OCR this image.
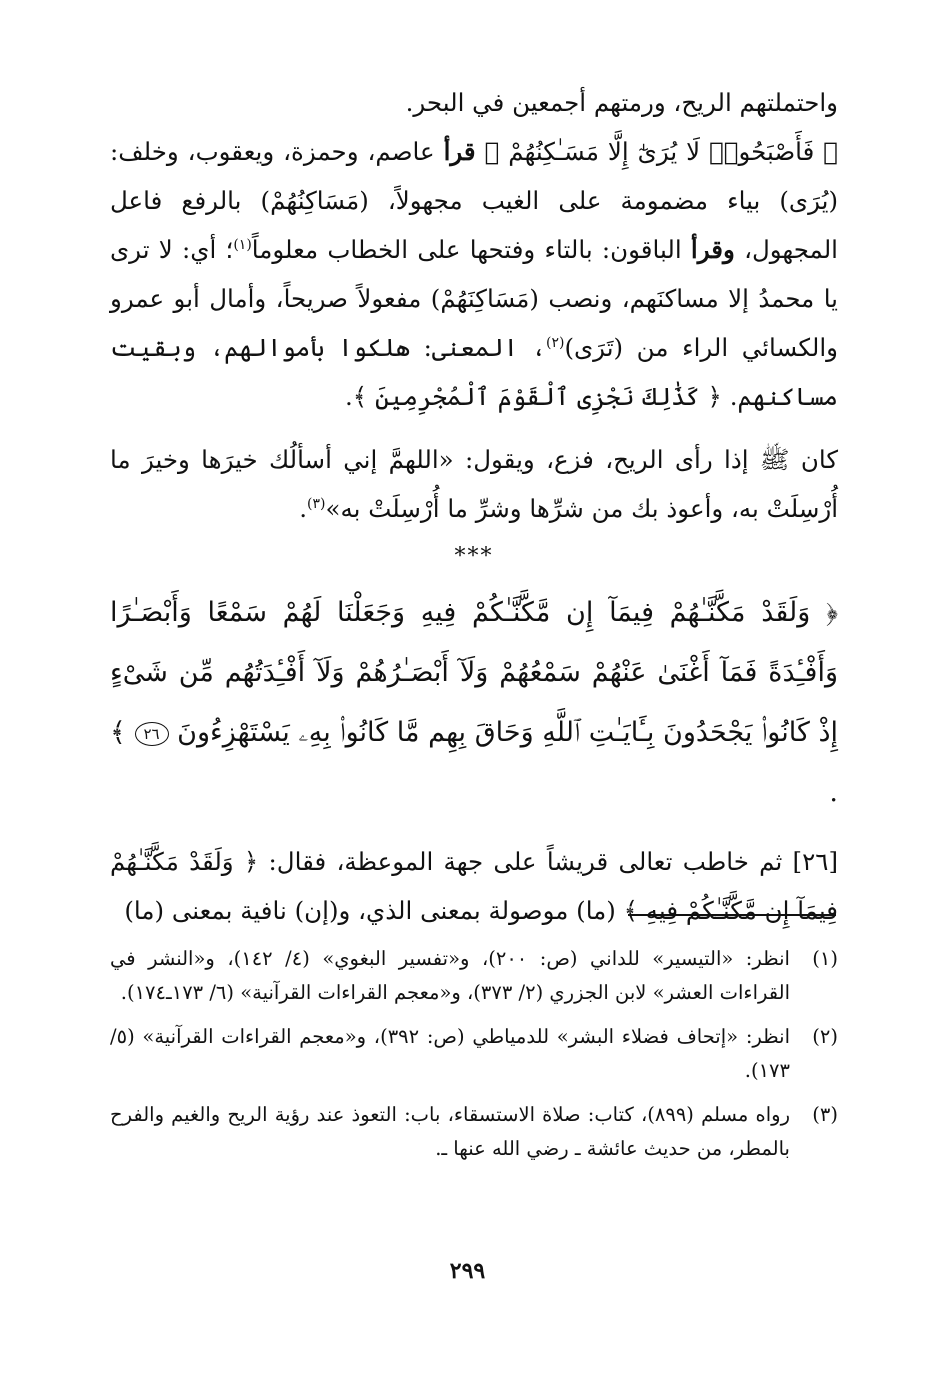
واحتملتهم الريح، ورمتهم أجمعين في البحر.

﴿ فَأَصْبَحُوا۟ لَا يُرَىٰٓ إِلَّا مَسَـٰكِنُهُمْ ﴾ قرأ عاصم، وحمزة، ويعقوب، وخلف: (يُرَى) بياء مضمومة على الغيب مجهولاً، (مَسَاكِنُهُمْ) بالرفع فاعل المجهول، وقرأ الباقون: بالتاء وفتحها على الخطاب معلوماً$^{(١)}$؛ أي: لا ترى يا محمدُ إلا مساكنَهم، ونصب (مَسَاكِنَهُمْ) مفعولاً صريحاً، وأمال أبو عمرو والكسائي الراء من (تَرَى)$^{(٢)}$، المعنى: هلكوا بأموالهم، وبقيت مساكنهم. ﴿ كَذَٰلِكَ نَجْزِى ٱلْقَوْمَ ٱلْمُجْرِمِينَ ﴾.

كان ﷺ إذا رأى الريح، فزع، ويقول: «اللهمَّ إني أسألُك خيرَها وخيرَ ما أُرْسِلَتْ به، وأعوذ بك من شرِّها وشرِّ ما أُرْسِلَتْ به»$^{(٣)}$.

***

﴿ وَلَقَدْ مَكَّنَّـٰهُمْ فِيمَآ إِن مَّكَّنَّـٰكُمْ فِيهِ وَجَعَلْنَا لَهُمْ سَمْعًا وَأَبْصَـٰرًا وَأَفْـِٔدَةً فَمَآ أَغْنَىٰ عَنْهُمْ سَمْعُهُمْ وَلَآ أَبْصَـٰرُهُمْ وَلَآ أَفْـِٔدَتُهُم مِّن شَىْءٍ إِذْ كَانُوا۟ يَجْحَدُونَ بِـَٔايَـٰتِ ٱللَّهِ وَحَاقَ بِهِم مَّا كَانُوا۟ بِهِۦ يَسْتَهْزِءُونَ ٢٦ ﴾ .

[٢٦] ثم خاطب تعالى قريشاً على جهة الموعظة، فقال: ﴿ وَلَقَدْ مَكَّنَّـٰهُمْ فِيمَآ إِن مَّكَّنَّـٰكُمْ فِيهِ ﴾ (ما) موصولة بمعنى الذي، و(إن) نافية بمعنى (ما)

(١)
انظر: «التيسير» للداني (ص: ٢٠٠)، و«تفسير البغوي» (٤/ ١٤٢)، و«النشر في القراءات العشر» لابن الجزري (٢/ ٣٧٣)، و«معجم القراءات القرآنية» (٦/ ١٧٣ـ١٧٤).
(٢)
انظر: «إتحاف فضلاء البشر» للدمياطي (ص: ٣٩٢)، و«معجم القراءات القرآنية» (٥/ ١٧٣).
(٣)
رواه مسلم (٨٩٩)، كتاب: صلاة الاستسقاء، باب: التعوذ عند رؤية الريح والغيم والفرح بالمطر، من حديث عائشة ـ رضي الله عنها ـ.
٢٩٩
